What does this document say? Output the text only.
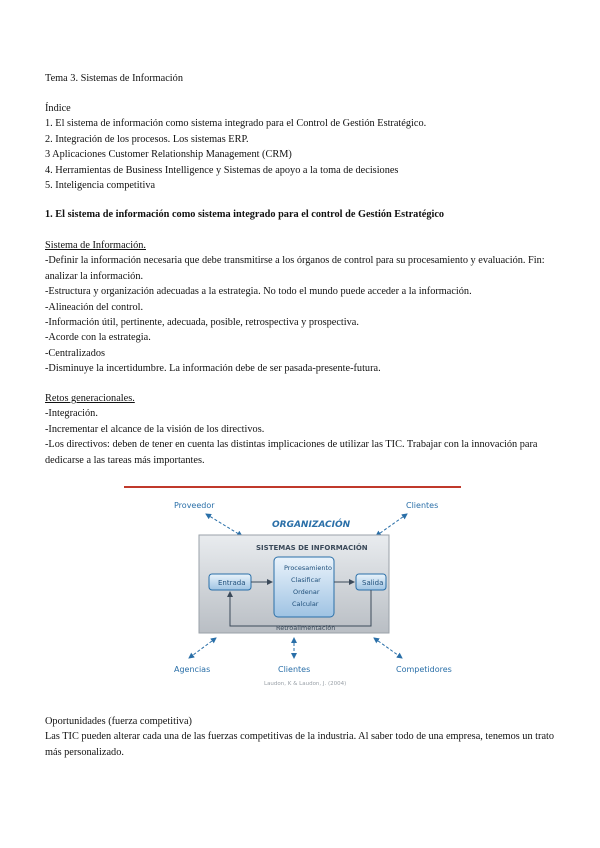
Tema 3. Sistemas de Información
Índice
1. El sistema de información como sistema integrado para el Control de Gestión Estratégico.
2. Integración de los procesos. Los sistemas ERP.
3 Aplicaciones Customer Relationship Management (CRM)
4. Herramientas de Business Intelligence y Sistemas de apoyo a la toma de decisiones
5. Inteligencia competitiva
1. El sistema de información como sistema integrado para el control de Gestión Estratégico
Sistema de Información.
-Definir la información necesaria que debe transmitirse a los órganos de control para su procesamiento y evaluación. Fin: analizar la información.
-Estructura y organización adecuadas a la estrategia. No todo el mundo puede acceder a la información.
-Alineación del control.
-Información útil, pertinente, adecuada, posible, retrospectiva y prospectiva.
-Acorde con la estrategia.
-Centralizados
-Disminuye la incertidumbre. La información debe de ser pasada-presente-futura.
Retos generacionales.
-Integración.
-Incrementar el alcance de la visión de los directivos.
-Los directivos: deben de tener en cuenta las distintas implicaciones de utilizar las TIC. Trabajar con la innovación para dedicarse a las tareas más importantes.
Oportunidades (fuerza competitiva)
Las TIC pueden alterar cada una de las fuerzas competitivas de la industria. Al saber todo de una empresa, tenemos un trato más personalizado.
Proveedor	Clientes
ORGANIZACIÓN
SISTEMAS DE INFORMACIÓN
Entrada
Procesamiento
Clasificar
Ordenar
Calcular
Salida
Retroalimentación
Agencias	Clientes	Competidores
Laudon, K & Laudon, J. (2004)
